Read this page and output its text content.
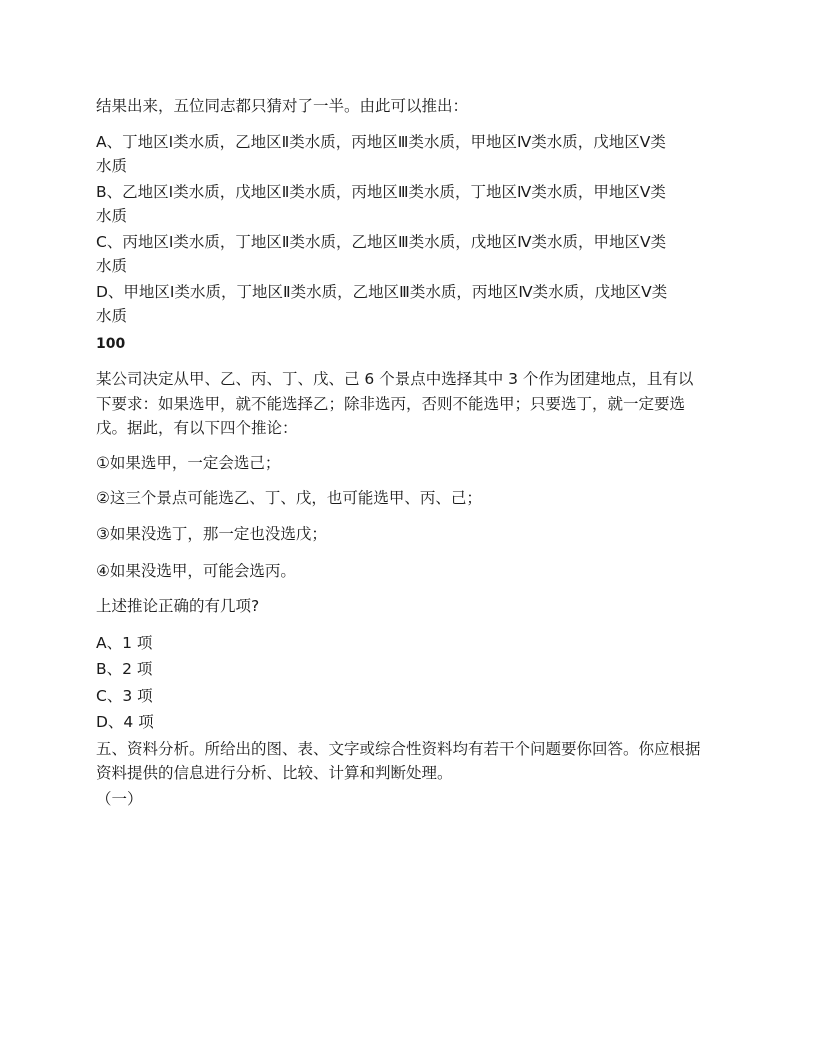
结果出来，五位同志都只猜对了一半。由此可以推出：
A、丁地区Ⅰ类水质，乙地区Ⅱ类水质，丙地区Ⅲ类水质，甲地区Ⅳ类水质，戊地区Ⅴ类
水质
B、乙地区Ⅰ类水质，戊地区Ⅱ类水质，丙地区Ⅲ类水质，丁地区Ⅳ类水质，甲地区Ⅴ类
水质
C、丙地区Ⅰ类水质，丁地区Ⅱ类水质，乙地区Ⅲ类水质，戊地区Ⅳ类水质，甲地区Ⅴ类
水质
D、甲地区Ⅰ类水质，丁地区Ⅱ类水质，乙地区Ⅲ类水质，丙地区Ⅳ类水质，戊地区Ⅴ类
水质
100
某公司决定从甲、乙、丙、丁、戊、己 6 个景点中选择其中 3 个作为团建地点，且有以
下要求：如果选甲，就不能选择乙；除非选丙，否则不能选甲；只要选丁，就一定要选
戊。据此，有以下四个推论：
①如果选甲，一定会选己；
②这三个景点可能选乙、丁、戊，也可能选甲、丙、己；
③如果没选丁，那一定也没选戊；
④如果没选甲，可能会选丙。
上述推论正确的有几项?
A、1 项
B、2 项
C、3 项
D、4 项
五、资料分析。所给出的图、表、文字或综合性资料均有若干个问题要你回答。你应根据
资料提供的信息进行分析、比较、计算和判断处理。
（一）
